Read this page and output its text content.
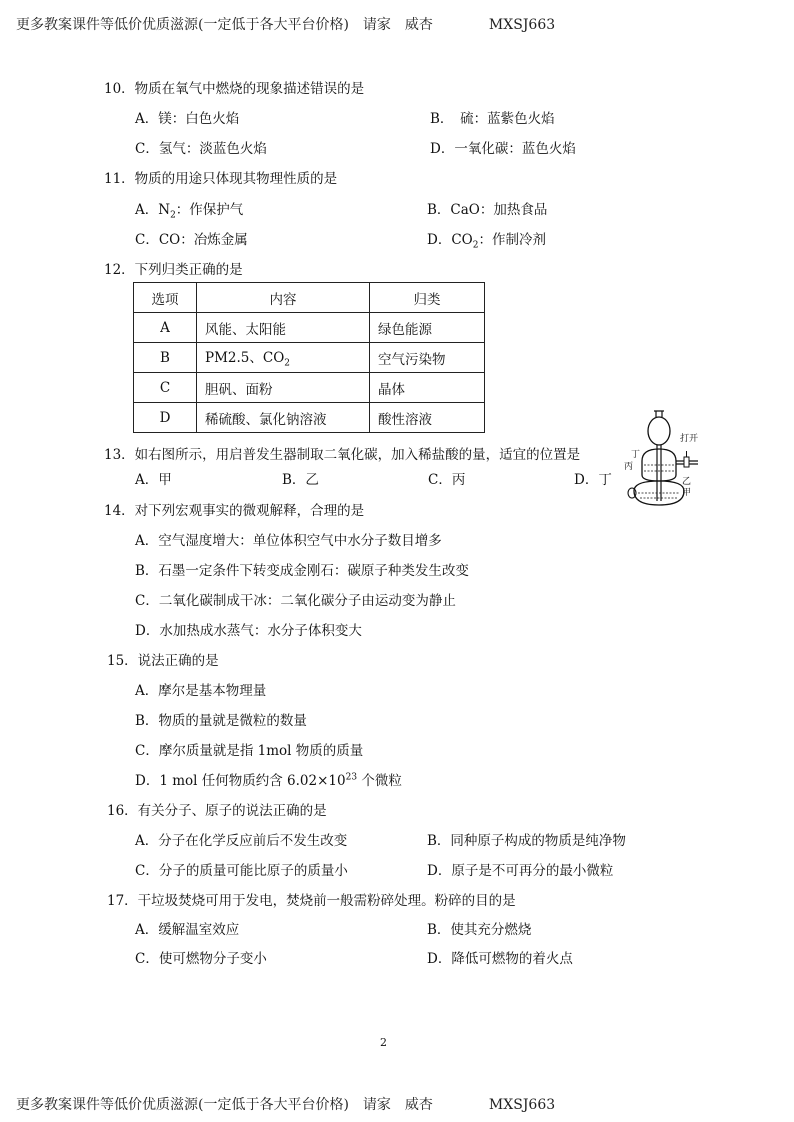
更多教案课件等低价优质滋源(一定低于各大平台价格)　请家　威杏　　　　MXSJ663
10．物质在氧气中燃烧的现象描述错误的是
A．镁：白色火焰	B．　硫：蓝紫色火焰
C．氢气：淡蓝色火焰	D．一氧化碳：蓝色火焰
11．物质的用途只体现其物理性质的是
A．$N_2$：作保护气	B．CaO：加热食品
C．CO：冶炼金属	D．$CO_2$：作制冷剂
12．下列归类正确的是
选项	内容	归类
A	风能、太阳能	绿色能源
B	PM2.5、$CO_2$	空气污染物
C	胆矾、面粉	晶体
D	稀硫酸、氯化钠溶液	酸性溶液
13．如右图所示，用启普发生器制取二氧化碳，加入稀盐酸的量，适宜的位置是
A．甲	B．乙	C．丙	D．丁
打开
丁
丙
乙
甲
14．对下列宏观事实的微观解释，合理的是
A．空气湿度增大：单位体积空气中水分子数目增多
B．石墨一定条件下转变成金刚石：碳原子种类发生改变
C．二氧化碳制成干冰：二氧化碳分子由运动变为静止
D．水加热成水蒸气：水分子体积变大
15．说法正确的是
A．摩尔是基本物理量
B．物质的量就是微粒的数量
C．摩尔质量就是指 1mol 物质的质量
D．1 mol 任何物质约含 $6.02\times 10^{23}$ 个微粒
16．有关分子、原子的说法正确的是
A．分子在化学反应前后不发生改变	B．同种原子构成的物质是纯净物
C．分子的质量可能比原子的质量小	D．原子是不可再分的最小微粒
17．干垃圾焚烧可用于发电，焚烧前一般需粉碎处理。粉碎的目的是
A．缓解温室效应	B．使其充分燃烧
C．使可燃物分子变小	D．降低可燃物的着火点
2
更多教案课件等低价优质滋源(一定低于各大平台价格)　请家　威杏　　　　MXSJ663
